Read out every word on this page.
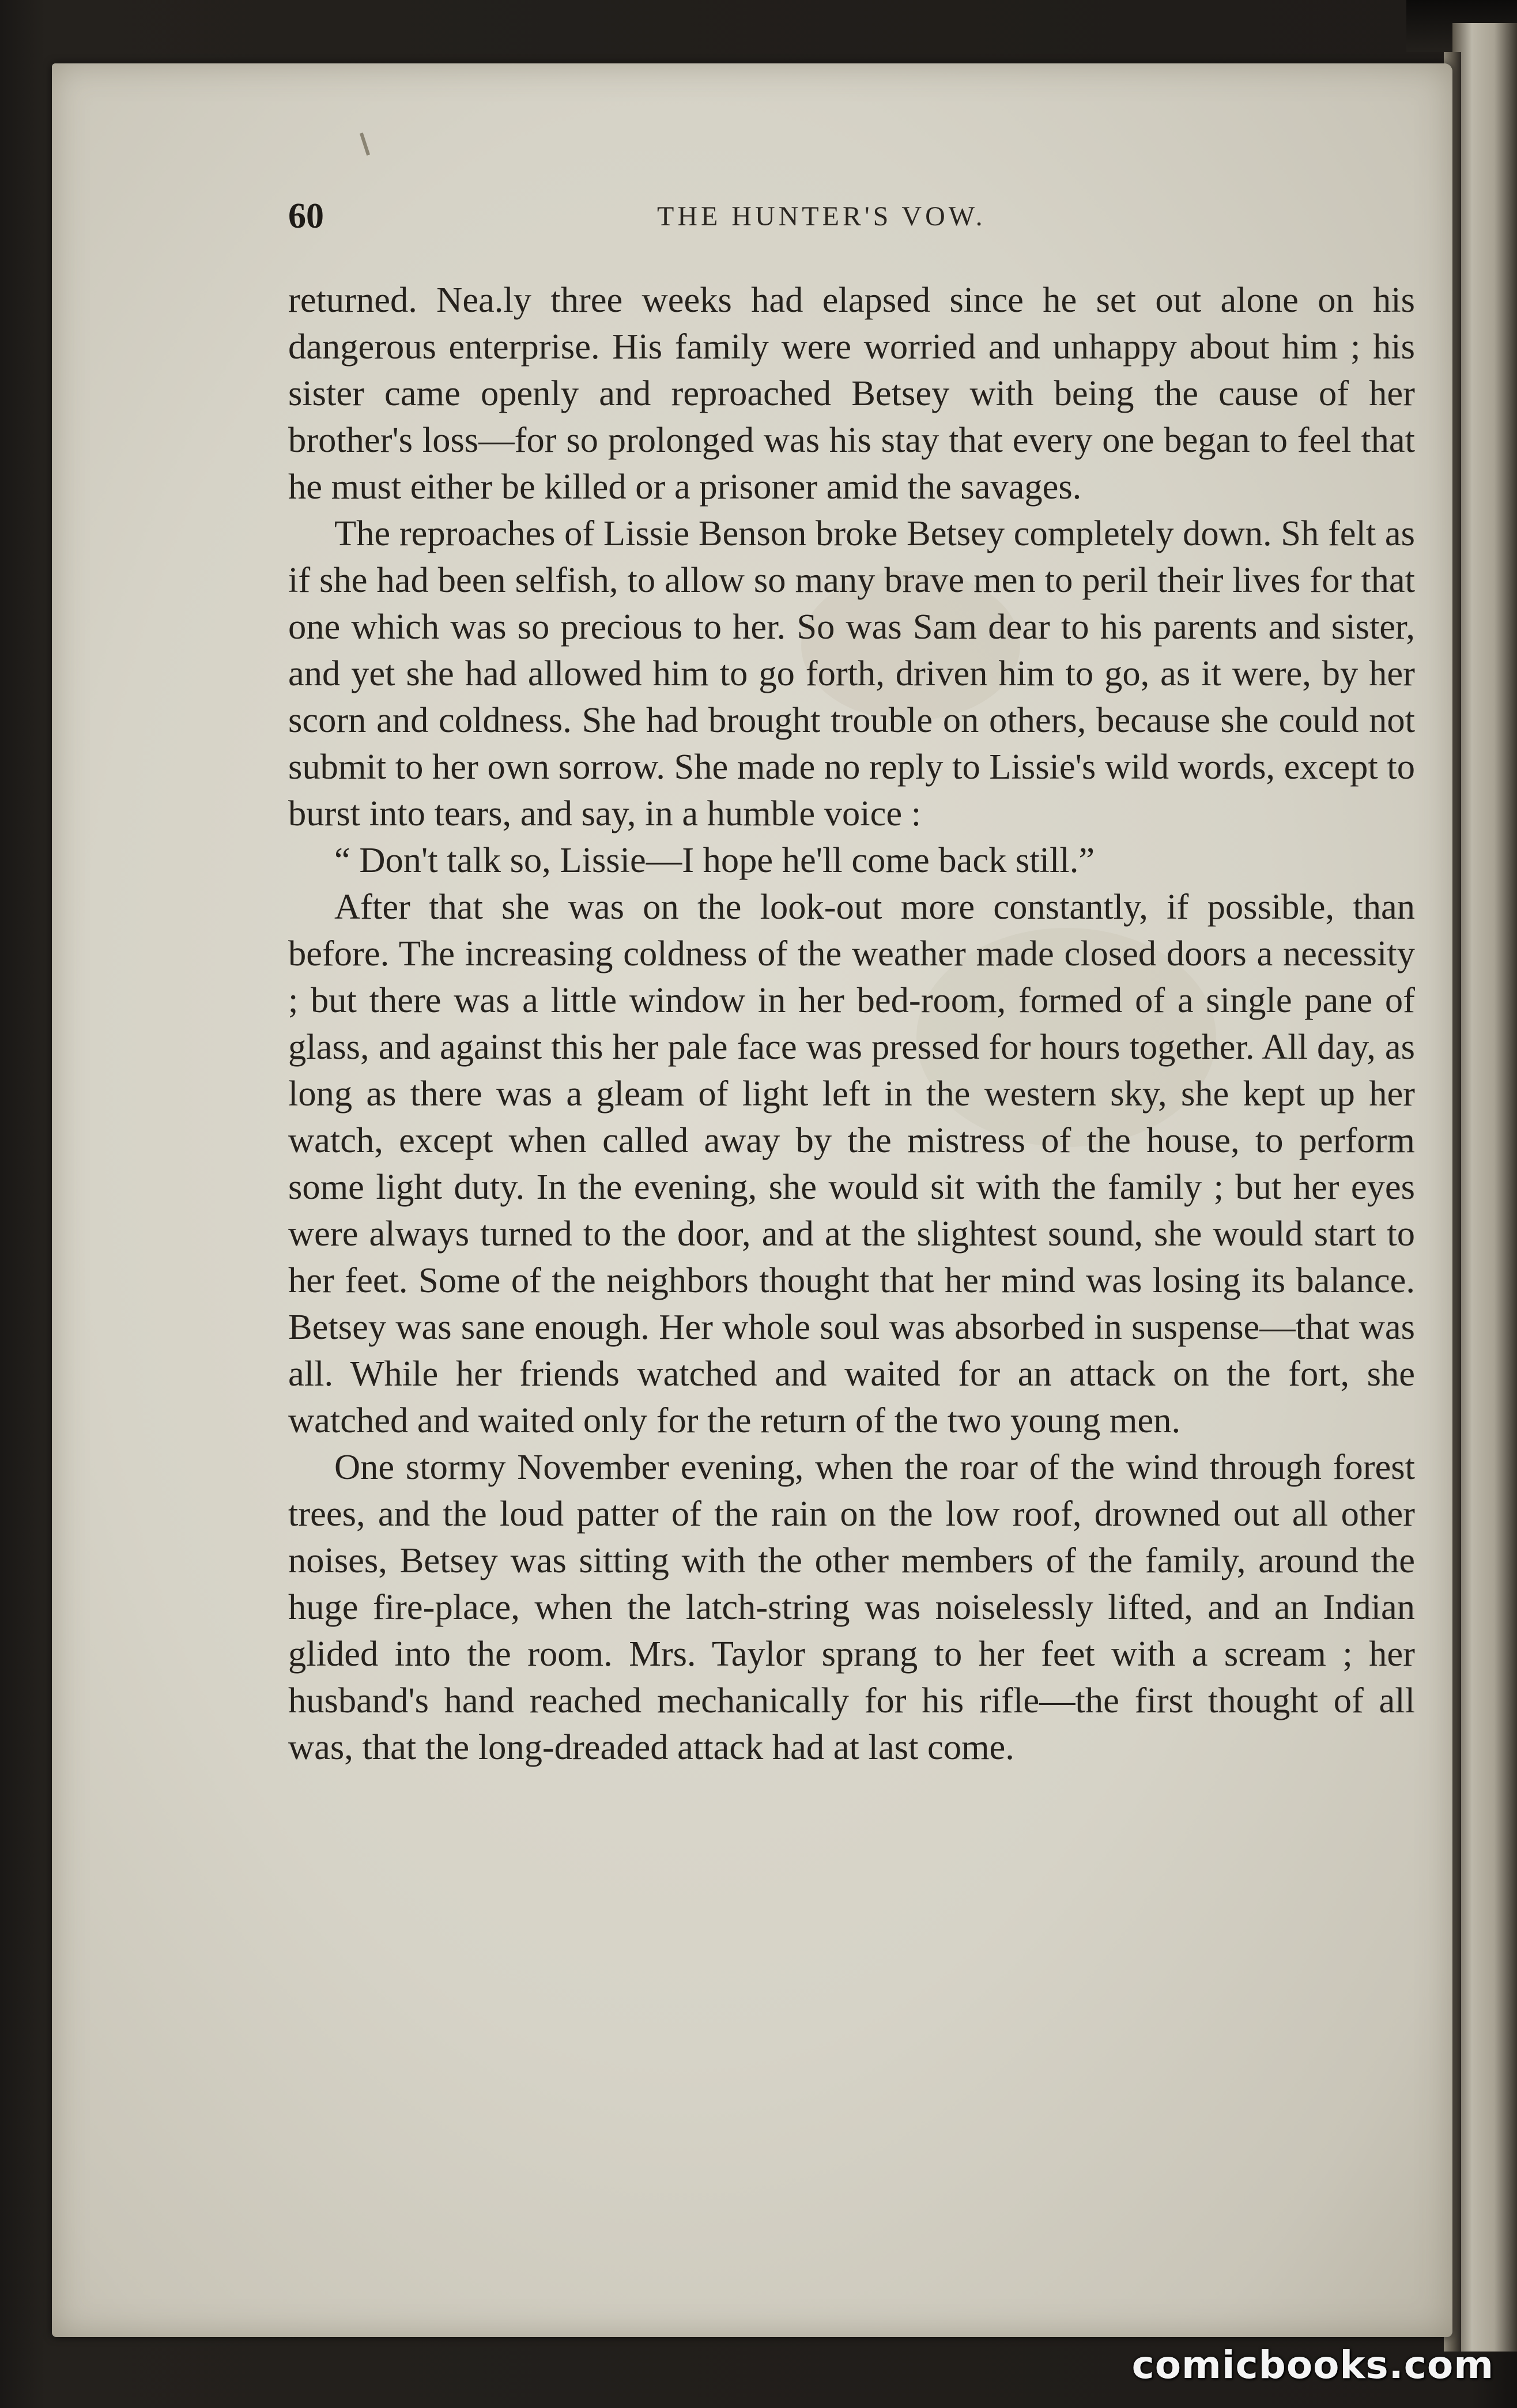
60	THE HUNTER'S VOW.

returned. Nea.ly three weeks had elapsed since he set out alone on his dangerous enterprise. His family were worried and unhappy about him ; his sister came openly and reproached Betsey with being the cause of her brother's loss—for so prolonged was his stay that every one began to feel that he must either be killed or a prisoner amid the savages.

The reproaches of Lissie Benson broke Betsey completely down. Sh felt as if she had been selfish, to allow so many brave men to peril their lives for that one which was so precious to her. So was Sam dear to his parents and sister, and yet she had allowed him to go forth, driven him to go, as it were, by her scorn and coldness. She had brought trouble on others, because she could not submit to her own sorrow. She made no reply to Lissie's wild words, except to burst into tears, and say, in a humble voice :

“ Don't talk so, Lissie—I hope he'll come back still.”

After that she was on the look-out more constantly, if possible, than before. The increasing coldness of the weather made closed doors a necessity ; but there was a little window in her bed-room, formed of a single pane of glass, and against this her pale face was pressed for hours together. All day, as long as there was a gleam of light left in the western sky, she kept up her watch, except when called away by the mistress of the house, to perform some light duty. In the evening, she would sit with the family ; but her eyes were always turned to the door, and at the slightest sound, she would start to her feet. Some of the neighbors thought that her mind was losing its balance. Betsey was sane enough. Her whole soul was absorbed in suspense—that was all. While her friends watched and waited for an attack on the fort, she watched and waited only for the return of the two young men.

One stormy November evening, when the roar of the wind through forest trees, and the loud patter of the rain on the low roof, drowned out all other noises, Betsey was sitting with the other members of the family, around the huge fire-place, when the latch-string was noiselessly lifted, and an Indian glided into the room. Mrs. Taylor sprang to her feet with a scream ; her husband's hand reached mechanically for his rifle—the first thought of all was, that the long-dreaded attack had at last come.

comicbooks.com
